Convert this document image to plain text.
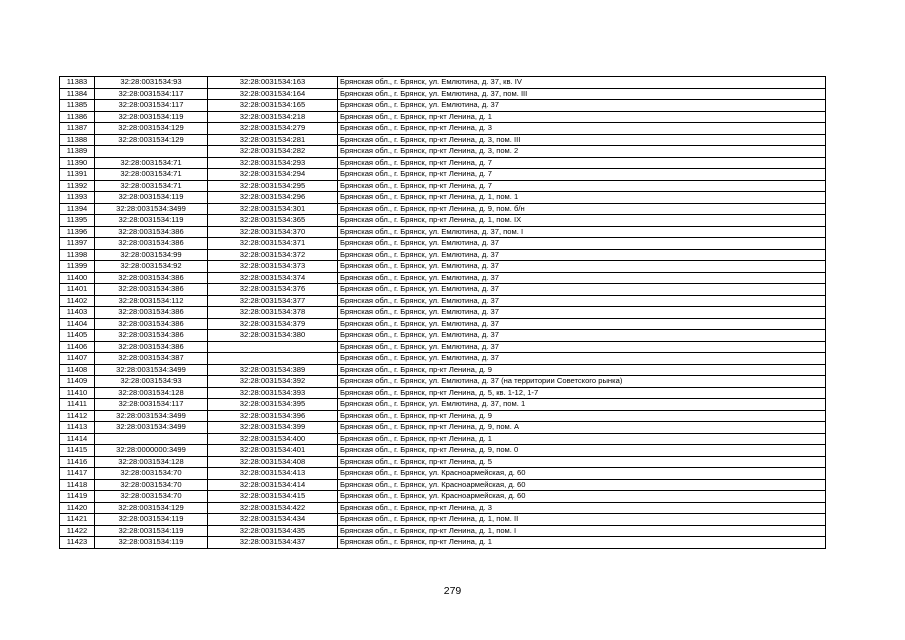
11383	32:28:0031534:93	32:28:0031534:163	Брянская обл., г. Брянск, ул. Емлютина, д. 37, кв. IV
11384	32:28:0031534:117	32:28:0031534:164	Брянская обл., г. Брянск, ул. Емлютина, д. 37, пом. III
11385	32:28:0031534:117	32:28:0031534:165	Брянская обл., г. Брянск, ул. Емлютина, д. 37
11386	32:28:0031534:119	32:28:0031534:218	Брянская обл., г. Брянск, пр-кт Ленина, д. 1
11387	32:28:0031534:129	32:28:0031534:279	Брянская обл., г. Брянск, пр-кт Ленина, д. 3
11388	32:28:0031534:129	32:28:0031534:281	Брянская обл., г. Брянск, пр-кт Ленина, д. 3, пом. III
11389		32:28:0031534:282	Брянская обл., г. Брянск, пр-кт Ленина, д. 3, пом. 2
11390	32:28:0031534:71	32:28:0031534:293	Брянская обл., г. Брянск, пр-кт Ленина, д. 7
11391	32:28:0031534:71	32:28:0031534:294	Брянская обл., г. Брянск, пр-кт Ленина, д. 7
11392	32:28:0031534:71	32:28:0031534:295	Брянская обл., г. Брянск, пр-кт Ленина, д. 7
11393	32:28:0031534:119	32:28:0031534:296	Брянская обл., г. Брянск, пр-кт Ленина, д. 1, пом. 1
11394	32:28:0031534:3499	32:28:0031534:301	Брянская обл., г. Брянск, пр-кт Ленина, д. 9, пом. б/н
11395	32:28:0031534:119	32:28:0031534:365	Брянская обл., г. Брянск, пр-кт Ленина, д. 1, пом. IX
11396	32:28:0031534:386	32:28:0031534:370	Брянская обл., г. Брянск, ул. Емлютина, д. 37, пом. I
11397	32:28:0031534:386	32:28:0031534:371	Брянская обл., г. Брянск, ул. Емлютина, д. 37
11398	32:28:0031534:99	32:28:0031534:372	Брянская обл., г. Брянск, ул. Емлютина, д. 37
11399	32:28:0031534:92	32:28:0031534:373	Брянская обл., г. Брянск, ул. Емлютина, д. 37
11400	32:28:0031534:386	32:28:0031534:374	Брянская обл., г. Брянск, ул. Емлютина, д. 37
11401	32:28:0031534:386	32:28:0031534:376	Брянская обл., г. Брянск, ул. Емлютина, д. 37
11402	32:28:0031534:112	32:28:0031534:377	Брянская обл., г. Брянск, ул. Емлютина, д. 37
11403	32:28:0031534:386	32:28:0031534:378	Брянская обл., г. Брянск, ул. Емлютина, д. 37
11404	32:28:0031534:386	32:28:0031534:379	Брянская обл., г. Брянск, ул. Емлютина, д. 37
11405	32:28:0031534:386	32:28:0031534:380	Брянская обл., г. Брянск, ул. Емлютина, д. 37
11406	32:28:0031534:386		Брянская обл., г. Брянск, ул. Емлютина, д. 37
11407	32:28:0031534:387		Брянская обл., г. Брянск, ул. Емлютина, д. 37
11408	32:28:0031534:3499	32:28:0031534:389	Брянская обл., г. Брянск, пр-кт Ленина, д. 9
11409	32:28:0031534:93	32:28:0031534:392	Брянская обл., г. Брянск, ул. Емлютина, д. 37 (на территории Советского рынка)
11410	32:28:0031534:128	32:28:0031534:393	Брянская обл., г. Брянск, пр-кт Ленина, д. 5, кв. 1-12, 1-7
11411	32:28:0031534:117	32:28:0031534:395	Брянская обл., г. Брянск, ул. Емлютина, д. 37, пом. 1
11412	32:28:0031534:3499	32:28:0031534:396	Брянская обл., г. Брянск, пр-кт Ленина, д. 9
11413	32:28:0031534:3499	32:28:0031534:399	Брянская обл., г. Брянск, пр-кт Ленина, д. 9, пом. А
11414		32:28:0031534:400	Брянская обл., г. Брянск, пр-кт Ленина, д. 1
11415	32:28:0000000:3499	32:28:0031534:401	Брянская обл., г. Брянск, пр-кт Ленина, д. 9, пом. 0
11416	32:28:0031534:128	32:28:0031534:408	Брянская обл., г. Брянск, пр-кт Ленина, д. 5
11417	32:28:0031534:70	32:28:0031534:413	Брянская обл., г. Брянск, ул. Красноармейская, д. 60
11418	32:28:0031534:70	32:28:0031534:414	Брянская обл., г. Брянск, ул. Красноармейская, д. 60
11419	32:28:0031534:70	32:28:0031534:415	Брянская обл., г. Брянск, ул. Красноармейская, д. 60
11420	32:28:0031534:129	32:28:0031534:422	Брянская обл., г. Брянск, пр-кт Ленина, д. 3
11421	32:28:0031534:119	32:28:0031534:434	Брянская обл., г. Брянск, пр-кт Ленина, д. 1, пом. II
11422	32:28:0031534:119	32:28:0031534:435	Брянская обл., г. Брянск, пр-кт Ленина, д. 1, пом. I
11423	32:28:0031534:119	32:28:0031534:437	Брянская обл., г. Брянск, пр-кт Ленина, д. 1
279
